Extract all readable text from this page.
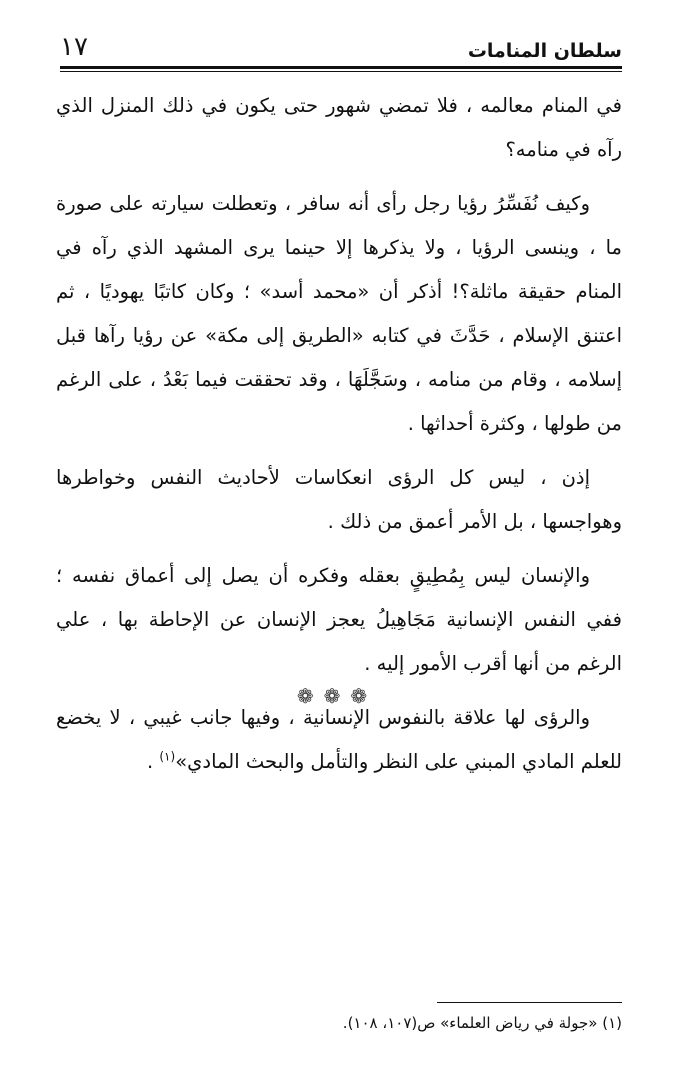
سلطان المنامات
١٧

في المنام معالمه ، فلا تمضي شهور حتى يكون في ذلك المنزل الذي رآه في منامه؟

وكيف نُفَسِّرُ رؤيا رجل رأى أنه سافر ، وتعطلت سيارته على صورة ما ، وينسى الرؤيا ، ولا يذكرها إلا حينما يرى المشهد الذي رآه في المنام حقيقة ماثلة؟! أذكر أن «محمد أسد» ؛ وكان كاتبًا يهوديًا ، ثم اعتنق الإسلام ، حَدَّثَ في كتابه «الطريق إلى مكة» عن رؤيا رآها قبل إسلامه ، وقام من منامه ، وسَجَّلَهَا ، وقد تحققت فيما بَعْدُ ، على الرغم من طولها ، وكثرة أحداثها .

إذن ، ليس كل الرؤى انعكاسات لأحاديث النفس وخواطرها وهواجسها ، بل الأمر أعمق من ذلك .

والإنسان ليس بِمُطِيقٍ بعقله وفكره أن يصل إلى أعماق نفسه ؛ ففي النفس الإنسانية مَجَاهِيلُ يعجز الإنسان عن الإحاطة بها ، علي الرغم من أنها أقرب الأمور إليه .

والرؤى لها علاقة بالنفوس الإنسانية ، وفيها جانب غيبي ، لا يخضع للعلم المادي المبني على النظر والتأمل والبحث المادي»$^{(١)}$ .

❁❁❁
(١) «جولة في رياض العلماء» ص(١٠٧، ١٠٨).
